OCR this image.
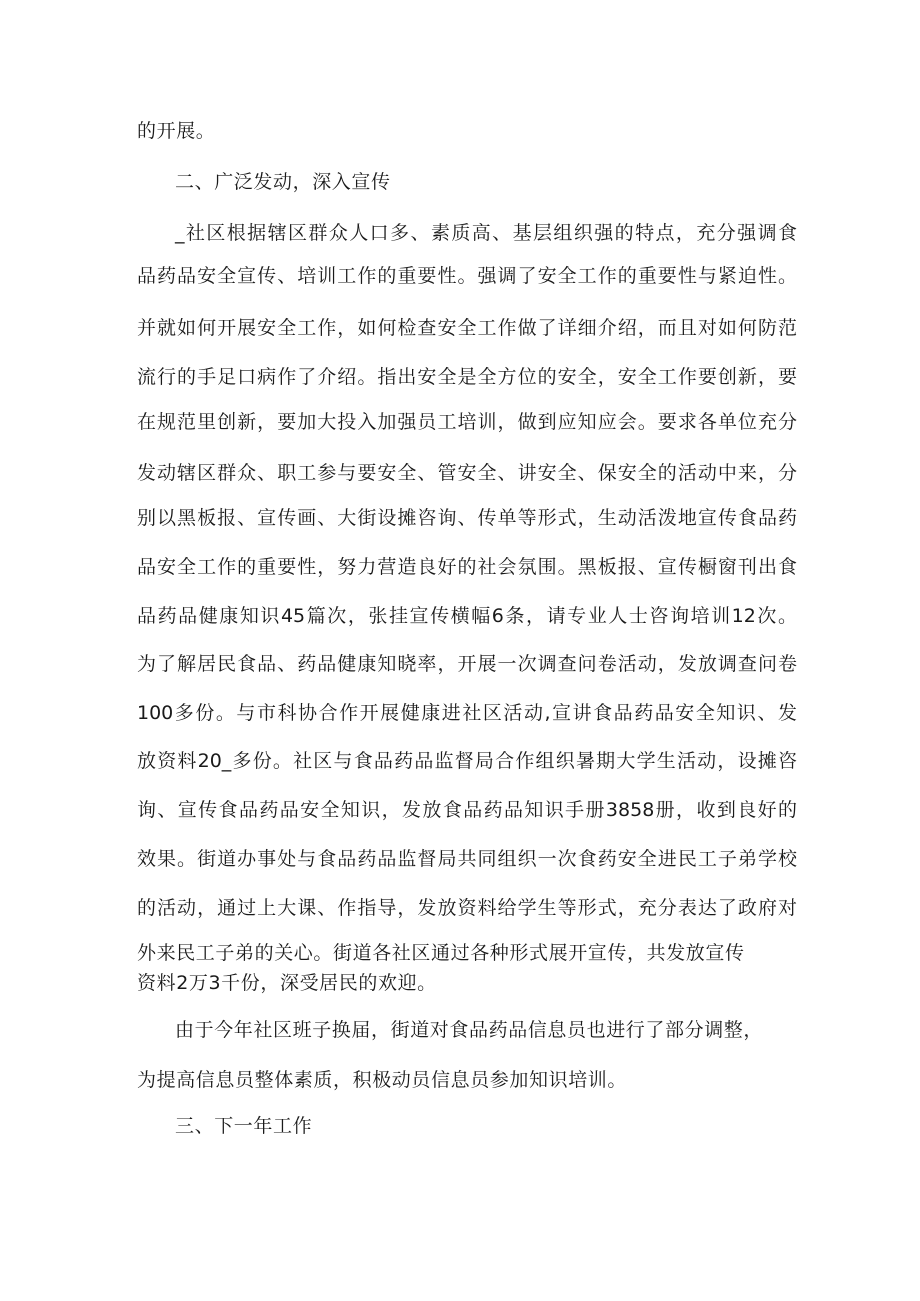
的开展。
二、广泛发动，深入宣传
_社区根据辖区群众人口多、素质高、基层组织强的特点，充分强调食
品药品安全宣传、培训工作的重要性。强调了安全工作的重要性与紧迫性。
并就如何开展安全工作，如何检查安全工作做了详细介绍，而且对如何防范
流行的手足口病作了介绍。指出安全是全方位的安全，安全工作要创新，要
在规范里创新，要加大投入加强员工培训，做到应知应会。要求各单位充分
发动辖区群众、职工参与要安全、管安全、讲安全、保安全的活动中来，分
别以黑板报、宣传画、大街设摊咨询、传单等形式，生动活泼地宣传食品药
品安全工作的重要性，努力营造良好的社会氛围。黑板报、宣传橱窗刊出食
品药品健康知识45篇次，张挂宣传横幅6条，请专业人士咨询培训12次。
为了解居民食品、药品健康知晓率，开展一次调查问卷活动，发放调查问卷
100多份。与市科协合作开展健康进社区活动,宣讲食品药品安全知识、发
放资料20_多份。社区与食品药品监督局合作组织暑期大学生活动，设摊咨
询、宣传食品药品安全知识，发放食品药品知识手册3858册，收到良好的
效果。街道办事处与食品药品监督局共同组织一次食药安全进民工子弟学校
的活动，通过上大课、作指导，发放资料给学生等形式，充分表达了政府对
外来民工子弟的关心。街道各社区通过各种形式展开宣传，共发放宣传
资料2万3千份，深受居民的欢迎。
由于今年社区班子换届，街道对食品药品信息员也进行了部分调整，
为提高信息员整体素质，积极动员信息员参加知识培训。
三、下一年工作
